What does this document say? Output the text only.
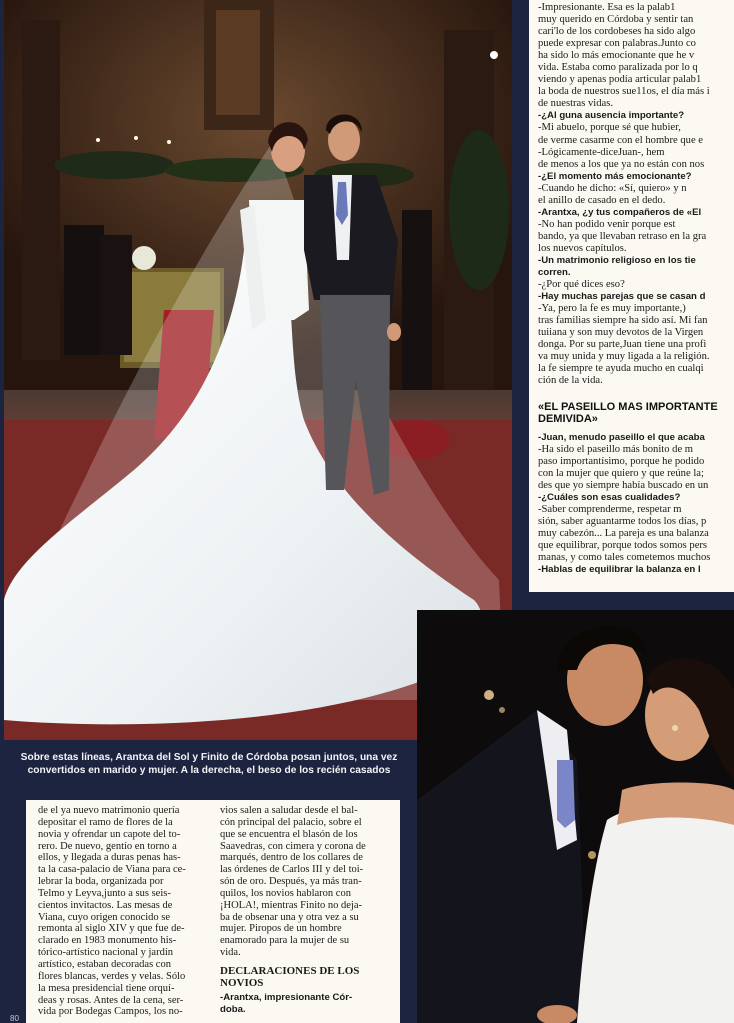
-Impresionante. Esa es la palab1

muy querido en Córdoba y sentir tan

cari'lo de los cordobeses ha sido algo

puede expresar con palabras.Junto co

ha sido lo más emocionante que he v

vida. Estaba como paralizada por lo q

viendo y apenas podía articular palab1

la boda de nuestros sue11os, el día más i

de nuestras vidas.

-¿Al guna ausencia importante?

-Mi abuelo, porque sé que hubier,

de verme casarme con el hombre que e

-Lógicamente-diceJuan-, hem

de menos a los que ya no están con nos

-¿El momento más emocionante?

-Cuando he dicho: «Sí, quiero» y n

el anillo de casado en el dedo.

-Arantxa, ¿y tus compañeros de «El

-No han podido venir porque est

bando, ya que llevaban retraso en la gra

los nuevos capítulos.

-Un matrimonio religioso en los tie

corren.

-¿Por qué dices eso?

-Hay muchas parejas que se casan d

-Ya, pero la fe es muy importante,)

tras familias siempre ha sido así. Mi fan

tuiiana y son muy devotos de la Virgen

donga. Por su parte,Juan tiene una profi

va muy unida y muy ligada a la religión.

la fe siempre te ayuda mucho en cualqi

ción de la vida.

«EL PASEILLO MAS IMPORTANTE DEMIVIDA»

-Juan, menudo paseillo el que acaba

-Ha sido el paseillo más bonito de m

paso importantísimo, porque he podido

con la mujer que quiero y que reúne la;

des que yo siempre había buscado en un

-¿Cuáles son esas cualidades?

-Saber comprenderme, respetar m

sión, saber aguantarme todos los días, p

muy cabezón... La pareja es una balanza

que equilibrar, porque todos somos pers

manas, y como tales cometemos muchos

-Hablas de equilibrar la balanza en l

Sobre estas líneas, Arantxa del Sol y Finito de Córdoba posan juntos, una vez convertidos en marido y mujer. A la derecha, el beso de los recién casados

de el ya nuevo matrimonio quería

depositar el ramo de flores de la

novia y ofrendar un capote del to-

rero. De nuevo, gentío en torno a

ellos, y llegada a duras penas has-

ta la casa-palacio de Viana para ce-

lebrar la boda, organizada por

Telmo y Leyva,junto a sus seis-

cientos invitactos. Las mesas de

Viana, cuyo origen conocido se

remonta al siglo XIV y que fue de-

clarado en 1983 monumento his-

tórico-artístico nacional y jardín

artístico, estaban decoradas con

flores blancas, verdes y velas. Sólo

la mesa presidencial tiene orquí-

deas y rosas. Antes de la cena, ser-

vida por Bodegas Campos, los no-

vios salen a saludar desde el bal-

cón principal del palacio, sobre el

que se encuentra el blasón de los

Saavedras, con cimera y corona de

marqués, dentro de los collares de

las órdenes de Carlos III y del toi-

són de oro. Después, ya más tran-

quilos, los novios hablaron con

¡HOLA!, mientras Finito no deja-

ba de obsenar una y otra vez a su

mujer. Piropos de un hombre

enamorado para la mujer de su

vida.

DECLARACIONES DE LOS NOVIOS

-Arantxa, impresionante Cór-

doba.

80
